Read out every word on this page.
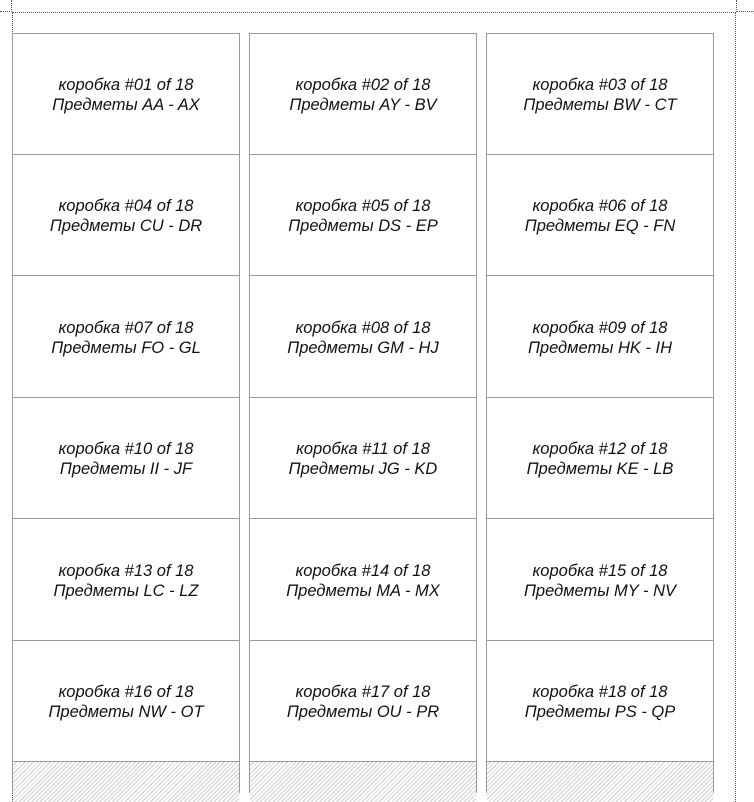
коробка #01 of 18
Предметы AA - AX
коробка #04 of 18
Предметы CU - DR
коробка #07 of 18
Предметы FO - GL
коробка #10 of 18
Предметы II - JF
коробка #13 of 18
Предметы LC - LZ
коробка #16 of 18
Предметы NW - OT
коробка #02 of 18
Предметы AY - BV
коробка #05 of 18
Предметы DS - EP
коробка #08 of 18
Предметы GM - HJ
коробка #11 of 18
Предметы JG - KD
коробка #14 of 18
Предметы MA - MX
коробка #17 of 18
Предметы OU - PR
коробка #03 of 18
Предметы BW - CT
коробка #06 of 18
Предметы EQ - FN
коробка #09 of 18
Предметы HK - IH
коробка #12 of 18
Предметы KE - LB
коробка #15 of 18
Предметы MY - NV
коробка #18 of 18
Предметы PS - QP
